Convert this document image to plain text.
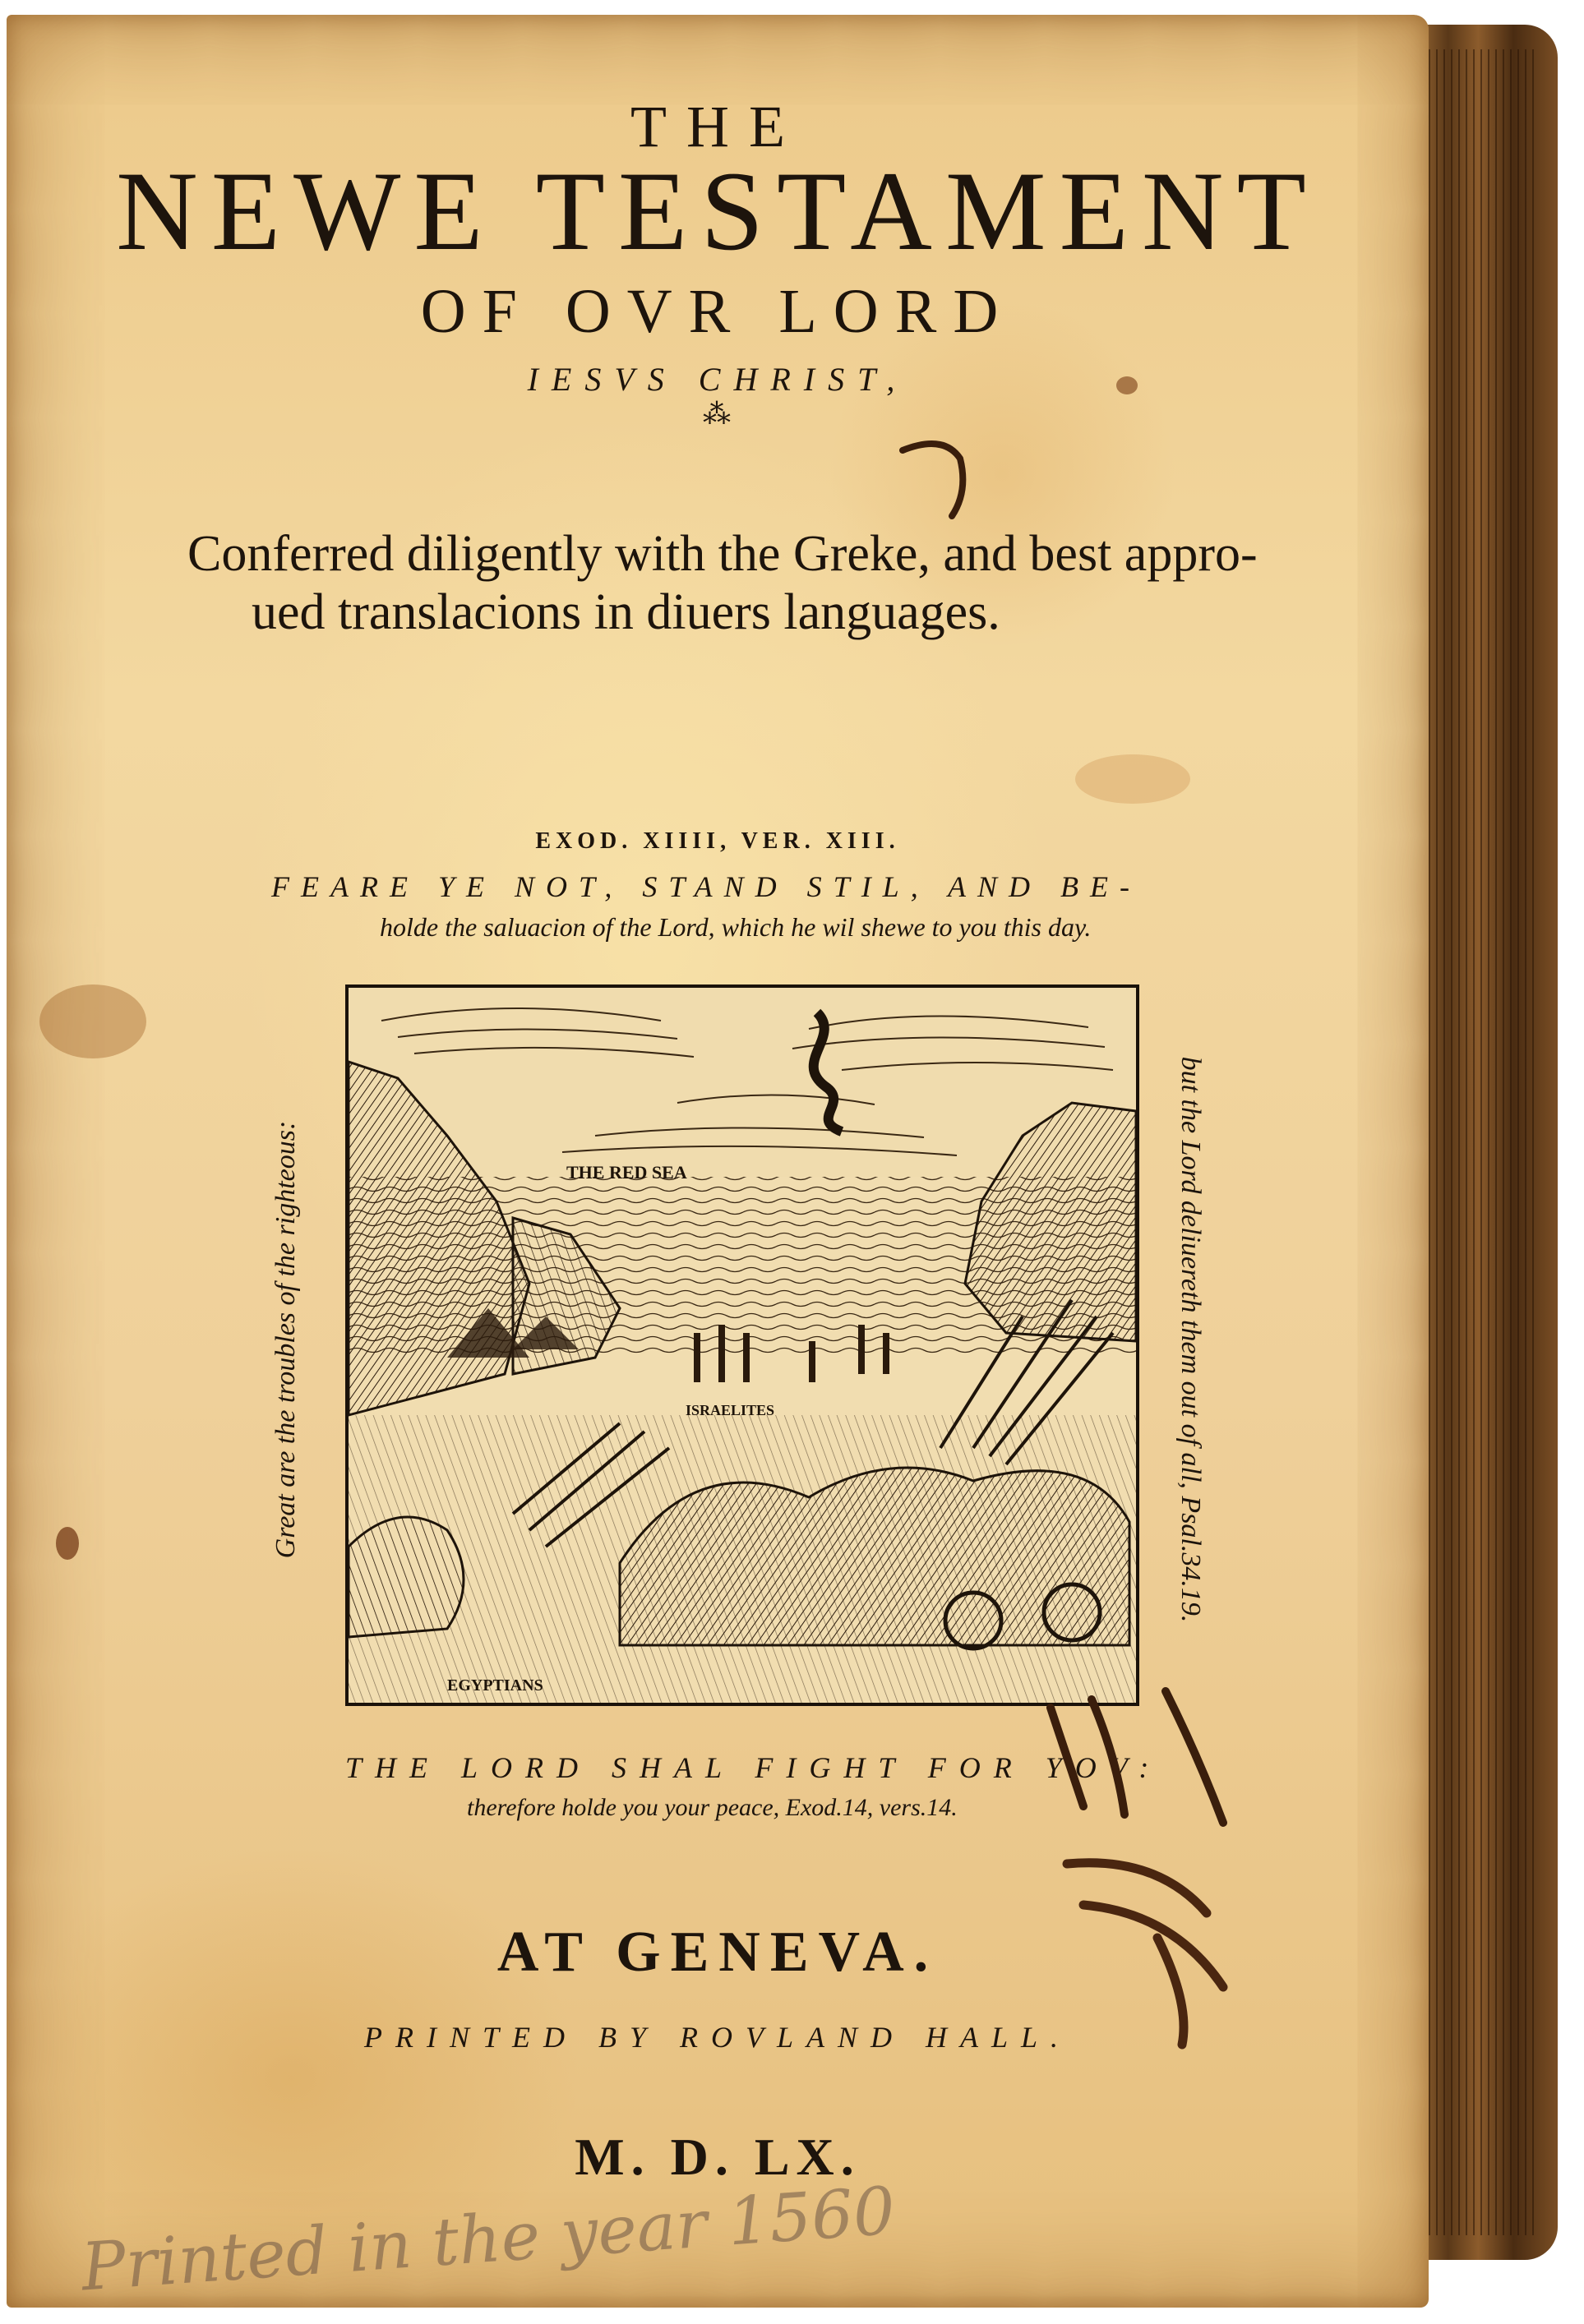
THE
NEWE TESTAMENT
OF OVR LORD
IESVS CHRIST,
⁂
Conferred diligently with the Greke, and best appro-
ued translacions in diuers languages.
EXOD. XIIII, VER. XIII.
FEARE YE NOT, STAND STIL, AND BE-
holde the saluacion of the Lord, which he wil shewe to you this day.
THE RED SEA
ISRAELITES
EGYPTIANS
Great are the troubles of the righteous:	but the Lord deliuereth them out of all, Psal.34.19.
THE LORD SHAL FIGHT FOR YOV:
therefore holde you your peace, Exod.14, vers.14.
AT GENEVA.
PRINTED BY ROVLAND HALL.
M. D. LX.
Printed in the year 1560
